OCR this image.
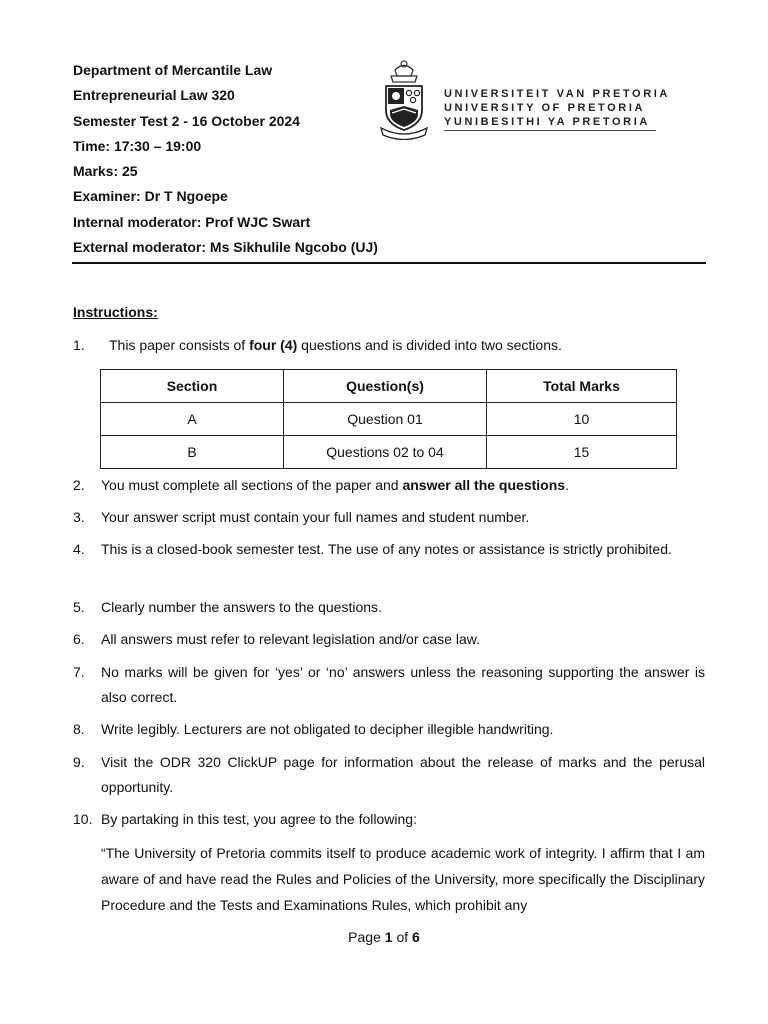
Department of Mercantile Law
Entrepreneurial Law 320
Semester Test 2 - 16 October 2024
Time: 17:30 – 19:00
Marks: 25
Examiner: Dr T Ngoepe
Internal moderator: Prof WJC Swart
External moderator: Ms Sikhulile Ngcobo (UJ)
UNIVERSITEIT VAN PRETORIA
UNIVERSITY OF PRETORIA
YUNIBESITHI YA PRETORIA
Instructions:
1. This paper consists of four (4) questions and is divided into two sections.
Section	Question(s)	Total Marks
A	Question 01	10
B	Questions 02 to 04	15
2. You must complete all sections of the paper and answer all the questions.
3. Your answer script must contain your full names and student number.
4. This is a closed-book semester test. The use of any notes or assistance is strictly prohibited.
5. Clearly number the answers to the questions.
6. All answers must refer to relevant legislation and/or case law.
7. No marks will be given for ‘yes’ or ‘no’ answers unless the reasoning supporting the answer is also correct.
8. Write legibly. Lecturers are not obligated to decipher illegible handwriting.
9. Visit the ODR 320 ClickUP page for information about the release of marks and the perusal opportunity.
10. By partaking in this test, you agree to the following:
“The University of Pretoria commits itself to produce academic work of integrity. I affirm that I am aware of and have read the Rules and Policies of the University, more specifically the Disciplinary Procedure and the Tests and Examinations Rules, which prohibit any
Page 1 of 6
